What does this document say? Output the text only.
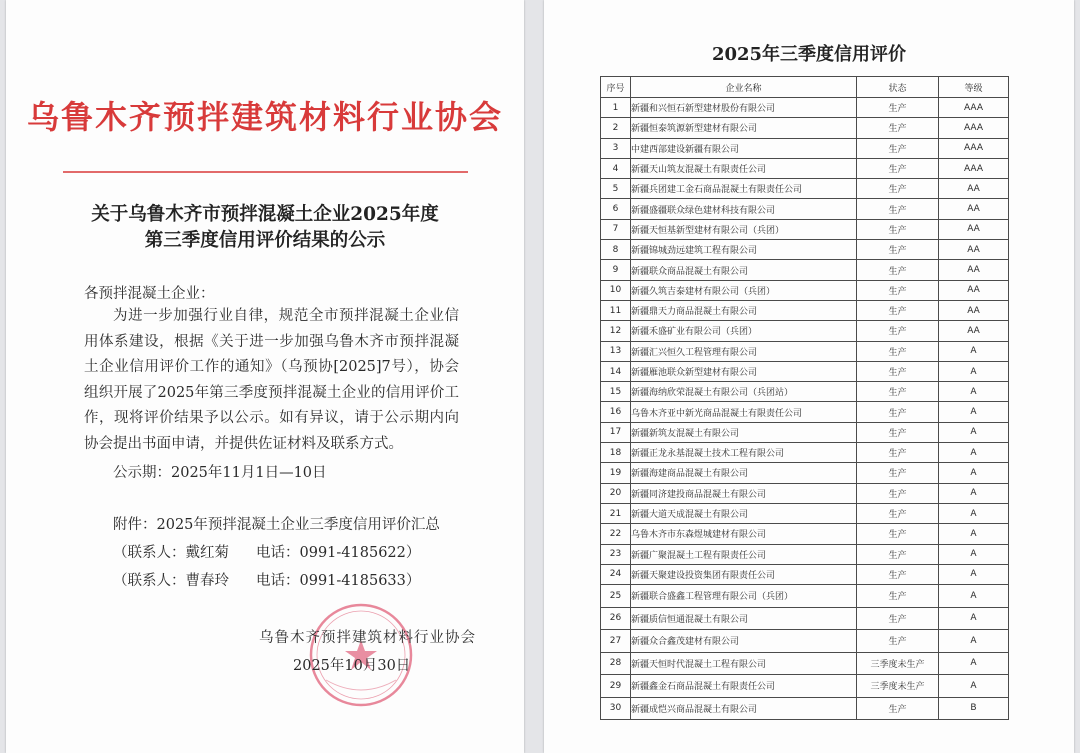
乌鲁木齐预拌建筑材料行业协会
关于乌鲁木齐市预拌混凝土企业2025年度
第三季度信用评价结果的公示
各预拌混凝土企业：
为进一步加强行业自律，规范全市预拌混凝土企业信用体系建设，根据《关于进一步加强乌鲁木齐市预拌混凝土企业信用评价工作的通知》（乌预协[2025]7号），协会组织开展了2025年第三季度预拌混凝土企业的信用评价工作，现将评价结果予以公示。如有异议，请于公示期内向协会提出书面申请，并提供佐证材料及联系方式。
公示期：2025年11月1日—10日
附件：2025年预拌混凝土企业三季度信用评价汇总
（联系人：戴红菊 电话：0991-4185622）
（联系人：曹春玲 电话：0991-4185633）
乌鲁木齐预拌建筑材料行业协会
2025年10月30日
2025年三季度信用评价
序号	企业名称	状态	等级
1	新疆和兴恒石新型建材股份有限公司	生产	AAA
2	新疆恒泰筑源新型建材有限公司	生产	AAA
3	中建西部建设新疆有限公司	生产	AAA
4	新疆天山筑友混凝土有限责任公司	生产	AAA
5	新疆兵团建工金石商品混凝土有限责任公司	生产	AA
6	新疆盛疆联众绿色建材科技有限公司	生产	AA
7	新疆天恒基新型建材有限公司（兵团）	生产	AA
8	新疆锦城劲远建筑工程有限公司	生产	AA
9	新疆联众商品混凝土有限公司	生产	AA
10	新疆久筑吉泰建材有限公司（兵团）	生产	AA
11	新疆鼎天力商品混凝土有限公司	生产	AA
12	新疆禾盛矿业有限公司（兵团）	生产	AA
13	新疆汇兴恒久工程管理有限公司	生产	A
14	新疆雁池联众新型建材有限公司	生产	A
15	新疆海纳欣荣混凝土有限公司（兵团站）	生产	A
16	乌鲁木齐亚中新光商品混凝土有限责任公司	生产	A
17	新疆新筑友混凝土有限公司	生产	A
18	新疆正龙永基混凝土技术工程有限公司	生产	A
19	新疆海建商品混凝土有限公司	生产	A
20	新疆同济建投商品混凝土有限公司	生产	A
21	新疆大道天成混凝土有限公司	生产	A
22	乌鲁木齐市东森煜城建材有限公司	生产	A
23	新疆广聚混凝土工程有限责任公司	生产	A
24	新疆天聚建设投资集团有限责任公司	生产	A
25	新疆联合盛鑫工程管理有限公司（兵团）	生产	A
26	新疆质信恒通混凝土有限公司	生产	A
27	新疆众合鑫茂建材有限公司	生产	A
28	新疆天恒时代混凝土工程有限公司	三季度未生产	A
29	新疆鑫金石商品混凝土有限责任公司	三季度未生产	A
30	新疆成恺兴商品混凝土有限公司	生产	B
